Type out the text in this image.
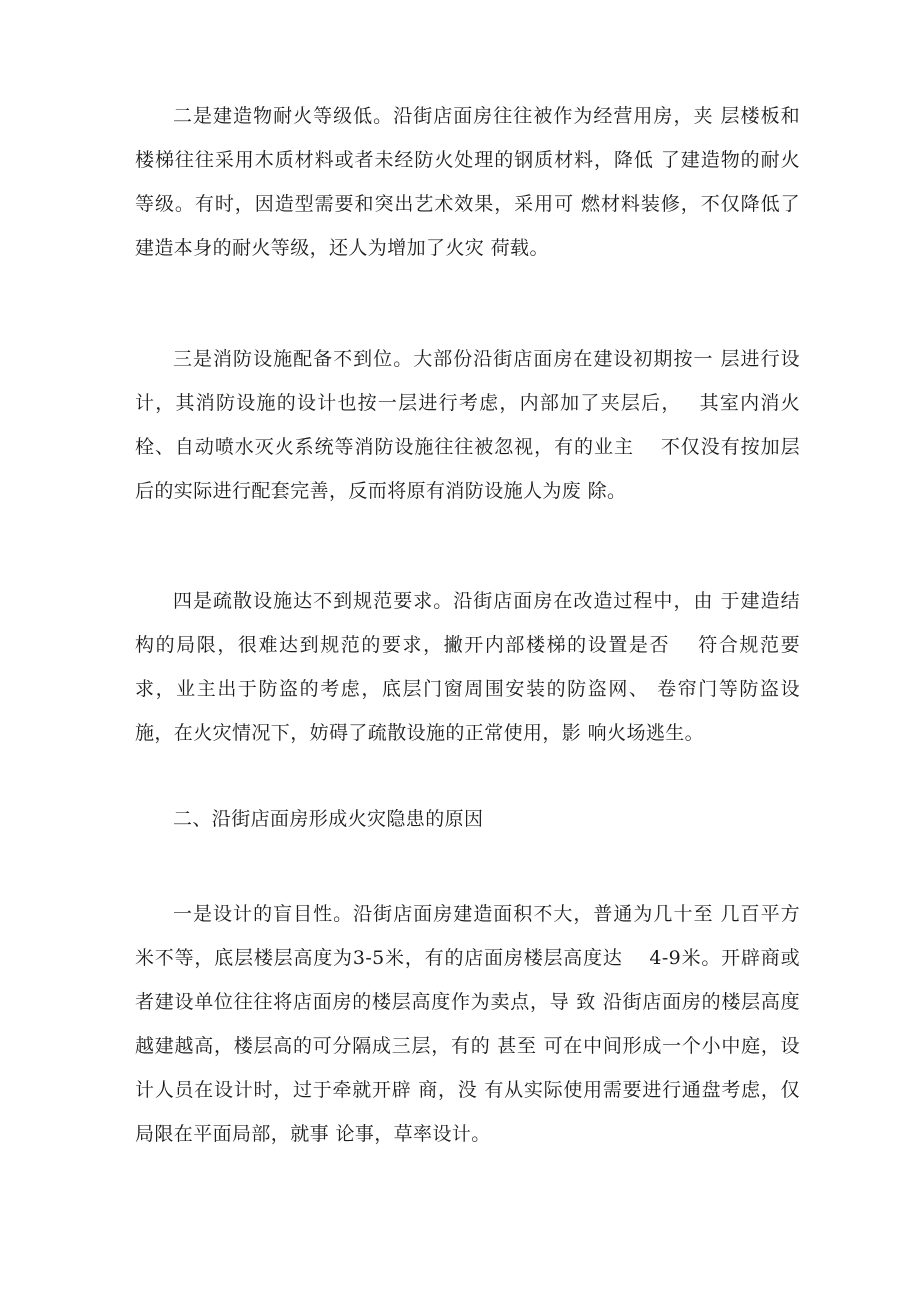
二是建造物耐火等级低。沿街店面房往往被作为经营用房，夹 层楼板和楼梯往往采用木质材料或者未经防火处理的钢质材料，降低 了建造物的耐火等级。有时，因造型需要和突出艺术效果，采用可 燃材料装修，不仅降低了建造本身的耐火等级，还人为增加了火灾 荷载。

三是消防设施配备不到位。大部份沿街店面房在建设初期按一 层进行设计，其消防设施的设计也按一层进行考虑，内部加了夹层后，　 其室内消火栓、自动喷水灭火系统等消防设施往往被忽视，有的业主　 不仅没有按加层后的实际进行配套完善，反而将原有消防设施人为废 除。

四是疏散设施达不到规范要求。沿街店面房在改造过程中，由 于建造结构的局限，很难达到规范的要求，撇开内部楼梯的设置是否　 符合规范要求，业主出于防盗的考虑，底层门窗周围安装的防盗网、 卷帘门等防盗设施，在火灾情况下，妨碍了疏散设施的正常使用，影 响火场逃生。

二、沿街店面房形成火灾隐患的原因

一是设计的盲目性。沿街店面房建造面积不大，普通为几十至 几百平方米不等，底层楼层高度为3-5米，有的店面房楼层高度达　 4-9米。开辟商或者建设单位往往将店面房的楼层高度作为卖点，导 致 沿街店面房的楼层高度越建越高，楼层高的可分隔成三层，有的 甚至 可在中间形成一个小中庭，设计人员在设计时，过于牵就开辟 商，没 有从实际使用需要进行通盘考虑，仅局限在平面局部，就事 论事，草率设计。
